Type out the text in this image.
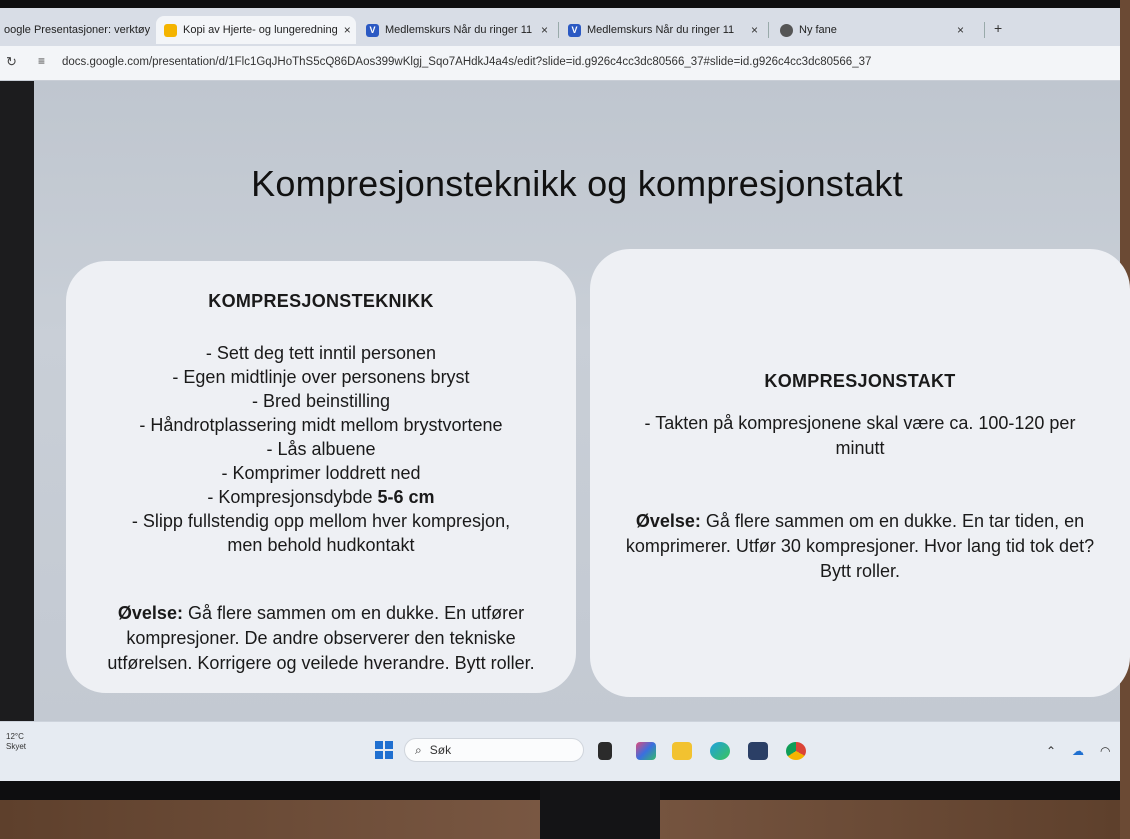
oogle Presentasjoner: verktøy	Kopi av Hjerte- og lungeredning ×	V Medlemskurs Når du ringer 11 ×	V Medlemskurs Når du ringer 11	×	Ny fane	× +
↻ ≡ docs.google.com/presentation/d/1Flc1GqJHoThS5cQ86DAos399wKlgj_Sqo7AHdkJ4a4s/edit?slide=id.g926c4cc3dc80566_37#slide=id.g926c4cc3dc80566_37
Kompresjonsteknikk og kompresjonstakt
KOMPRESJONSTEKNIKK
- Sett deg tett inntil personen
- Egen midtlinje over personens bryst
- Bred beinstilling
- Håndrotplassering midt mellom brystvortene
- Lås albuene
- Komprimer loddrett ned
- Kompresjonsdybde 5-6 cm
- Slipp fullstendig opp mellom hver kompresjon,
men behold hudkontakt
Øvelse: Gå flere sammen om en dukke. En utfører kompresjoner. De andre observerer den tekniske utførelsen. Korrigere og veilede hverandre. Bytt roller.
KOMPRESJONSTAKT
- Takten på kompresjonene skal være ca. 100-120 per minutt
Øvelse: Gå flere sammen om en dukke. En tar tiden, en komprimerer. Utfør 30 kompresjoner. Hvor lang tid tok det? Bytt roller.
12°C
Skyet	⌕ Søk	⌃ ☁ ◠
